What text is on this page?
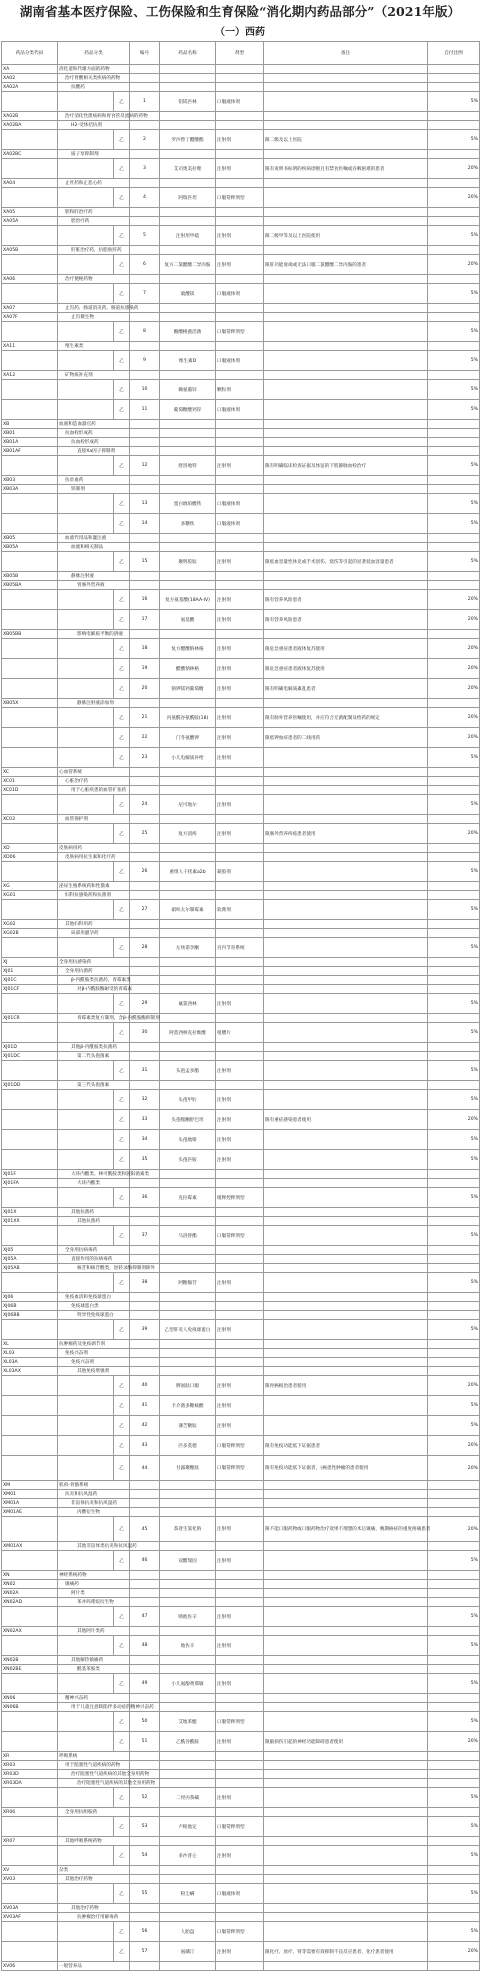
湖南省基本医疗保险、工伤保险和生育保险“消化期内药品部分”（2021年版）
（一）西药
药品分类代码	药品分类		编号	药品名称	剂型	备注	自付比例
XA	消化道和代谢方面的药物						
XA02	治疗胃酸相关类疾病的药物						
XA02A	抗酸药						
		乙	1	铝镁匹林	口服液体剂		5%
XA02B	治疗消化性溃疡病和胃食管反流病的药物						
XA02BA	H2-受体拮抗剂						
		乙	2	罗沙替丁醋酸酯	注射剂	限二级及以上医院	5%
XA02BC	质子泵抑制剂						
		乙	3	艾司奥美拉唑	注射剂	限有说明书标明的疾病诊断且有禁食医嘱或吞咽困难的患者	20%
XA04	止吐药和止恶心药						
		乙	4	阿瑞匹坦	口服常释剂型		20%
XA05	胆和肝治疗药						
XA05A	胆治疗药						
		乙	5	注射用甲硫	注射剂	限二级甲等及以上医院使用	5%
XA05B	肝脏治疗药，抗脂肪肝药						
		乙	6	复方二氯醋酸二异丙胺	注射剂	限肝功能衰竭或无法口服二氯醋酸二异丙胺的患者	20%
XA06	治疗便秘药物						
		乙	7	硫酸镁	口服液体剂		5%
XA07	止泻药、肠道消炎药、肠道抗感染药						
XA07F	止泻微生物						
		乙	8	酪酸梭菌活菌	口服常释剂型		5%
XA11	维生素类						
		乙	9	维生素D	口服液体剂		5%
XA12	矿物质补充剂						
		乙	10	赖氨葡锌	颗粒剂		5%
		乙	11	葡萄糖酸钙锌	口服液体剂		5%
XB	血液和造血器官药						
XB01	抗血栓形成药						
XB01A	抗血栓形成药						
XB01AF	直接Xa因子抑制剂						
		乙	12	舒洛地特	注射剂	限有明确临床检查证据及体征的下肢静脉血栓治疗	5%
XB03	抗贫血药						
XB03A	铁制剂						
		乙	13	蛋白琥珀酸铁	口服液体剂		5%
		乙	14	多糖铁	口服液体剂		5%
XB05	血液代用品和灌注液						
XB05A	血液和相关制品						
		乙	15	聚明胶肽	注射剂	限低血容量性休克或手术创伤、烧伤等引起的显著低血容量患者	5%
XB05B	静脉注射液						
XB05BA	胃肠外营养液						
		乙	16	复方氨基酸(18AA-IV)	注射剂	限有营养风险患者	20%
		乙	17	氨基酸	注射剂	限有营养风险患者	20%
XB05BB	影响电解质平衡的溶液						
		乙	18	复方醋酸钠林格	注射剂	限危急重症患者液体复苏使用	20%
		乙	19	醋酸钠林格	注射剂	限危急重症患者液体复苏使用	20%
		乙	20	钠钾镁钙葡萄糖	注射剂	限有明确电解质紊乱患者	20%
XB05X	静脉注射液添加剂						
		乙	21	丙氨酰谷氨酰胺(18)	注射剂	限有肠外营养医嘱使用，并应符合无菌配制及给药的规定	20%
		乙	22	门冬氨酸钾	注射剂	限低钾血症患者的二线用药	20%
		乙	23	小儿电解质补给	注射剂		5%
XC	心血管系统						
XC01	心脏治疗药						
XC01D	用于心脏疾患的血管扩张药						
		乙	24	尼可地尔	注射剂		5%
XC03	血管保护剂						
		乙	25	复方消痔	注射剂	限肠外营养痔疮患者使用	20%
XD	皮肤病用药						
XD06	皮肤病用抗生素和化疗药						
		乙	26	重组人干扰素a2b	凝胶剂		5%
XG	泌尿生殖系统药和性激素						
XG01	妇科抗感染药和抗菌剂						
		乙	27	硝呋太尔制霉素	软膏剂		5%
XG02	其他妇科用药						
XG02B	局部用避孕药						
		乙	28	左炔诺孕酮	宫内节育系统		5%
XJ	全身用抗感染药						
XJ01	全身用抗菌药						
XJ01C	β-内酰胺类抗菌药，青霉素类						
XJ01CF	对β-内酰胺酶耐受的青霉素						
		乙	29	氟氯西林	注射剂		5%
XJ01CR	青霉素类复方制剂，含β-内酰胺酶抑制剂						
		乙	30	阿莫西林克拉维酸	咀嚼片		5%
XJ01D	其他β-内酰胺类抗菌药						
XJ01DC	第二代头孢菌素						
		乙	31	头孢孟多酯	注射剂		5%
XJ01DD	第三代头孢菌素						
		乙	32	头孢甲肟	注射剂		5%
		乙	33	头孢哌酮舒巴坦	注射剂	限有重症感染患者使用	20%
		乙	34	头孢地嗪	注射剂		5%
		乙	35	头孢匹胺	注射剂		5%
XJ01F	大环内酯类、林可酰胺类和链阳菌素类						
XJ01FA	大环内酯类						
		乙	36	克拉霉素	缓释控释剂型		5%
XJ01X	其他抗菌药						
XJ01XX	其他抗菌药						
		乙	37	马洛替酯	口服常释剂型		5%
XJ05	全身用抗病毒药						
XJ05A	直接作用的抗病毒药						
XJ05AB	核苷和核苷酸类，逆转录酶抑制剂除外						
		乙	38	阿糖腺苷	注射剂		5%
XJ06	免疫血清和免疫球蛋白						
XJ06B	免疫球蛋白类						
XJ06BB	特异性免疫球蛋白						
		乙	39	乙型肝炎人免疫球蛋白	注射剂		5%
XL	抗肿瘤药及免疫调节剂						
XL03	免疫兴奋剂						
XL03A	免疫兴奋剂						
XL03AX	其他免疫增强剂						
		乙	40	脾氨肽口服	注射剂	限胃癌根治患者使用	20%
		乙	41	卡介菌多糖核酸	注射剂		5%
		乙	42	薄芝糖肽	注射剂		5%
		乙	43	匹多莫德	口服常释剂型	限有免疫功能低下证据患者	20%
		乙	44	甘露聚糖肽	口服常释剂型	限有免疫功能低下证据者，《癌患性肿瘤的患者使用	20%
XM	肌肉-骨骼系统						
XM01	抗炎和抗风湿药						
XM01A	非甾体抗炎和抗风湿药						
XM01AE	丙酸衍生物						
		乙	45	萘普生氯化钠	注射剂	限不能口服药物或口服药物治疗效果不理想的术后镇痛、晚期癌症的重度疼痛患者	20%
XM01AX	其他非甾体类抗炎和抗风湿药						
		乙	46	双醋瑞因	注射剂		5%
XN	神经系统药物						
XN02	镇痛药						
XN02A	阿片类						
XN02AD	苯并吗啡烷衍生物						
		乙	47	喷他佐辛	注射剂		5%
XN02AX	其他阿片类药						
		乙	48	地佐辛	注射剂		5%
XN02B	其他解热镇痛药						
XN02BE	酰基苯胺类						
		乙	49	小儿氨酚黄那敏	注射剂		5%
XN06	精神兴奋药						
XN06B	用于儿童注意缺陷伴多动症的精神兴奋药						
		乙	50	艾地苯醌	口服常释剂型		5%
		乙	51	乙酰谷酰胺	注射剂	限脑损伤引起的神经功能障碍患者使用	20%
XR	呼吸系统						
XR03	用于阻塞性气道疾病的药物						
XR03D	治疗阻塞性气道疾病的其他全身用药物						
XR03DA	治疗阻塞性气道疾病的其他全身用药物						
		乙	52	二羟丙茶碱	注射剂		5%
XR06	全身用抗组胺药						
		乙	53	卢帕他定	口服常释剂型		5%
XR07	其他呼吸系统药物						
		乙	54	多沙普仑	注射剂		5%
XV	杂类						
XV03	其他治疗药物						
		乙	55	粉尘螨	口服液体剂		5%
XV03A	其他治疗药物						
XV03AF	抗肿瘤治疗用解毒药						
		乙	56	人胎盘	口服常释剂型		5%
		乙	57	氨磷汀	注射剂	限化疗、放疗、肾等需要有效抑制不良反应患者，化疗患者使用	20%
XV06	一般营养品						
